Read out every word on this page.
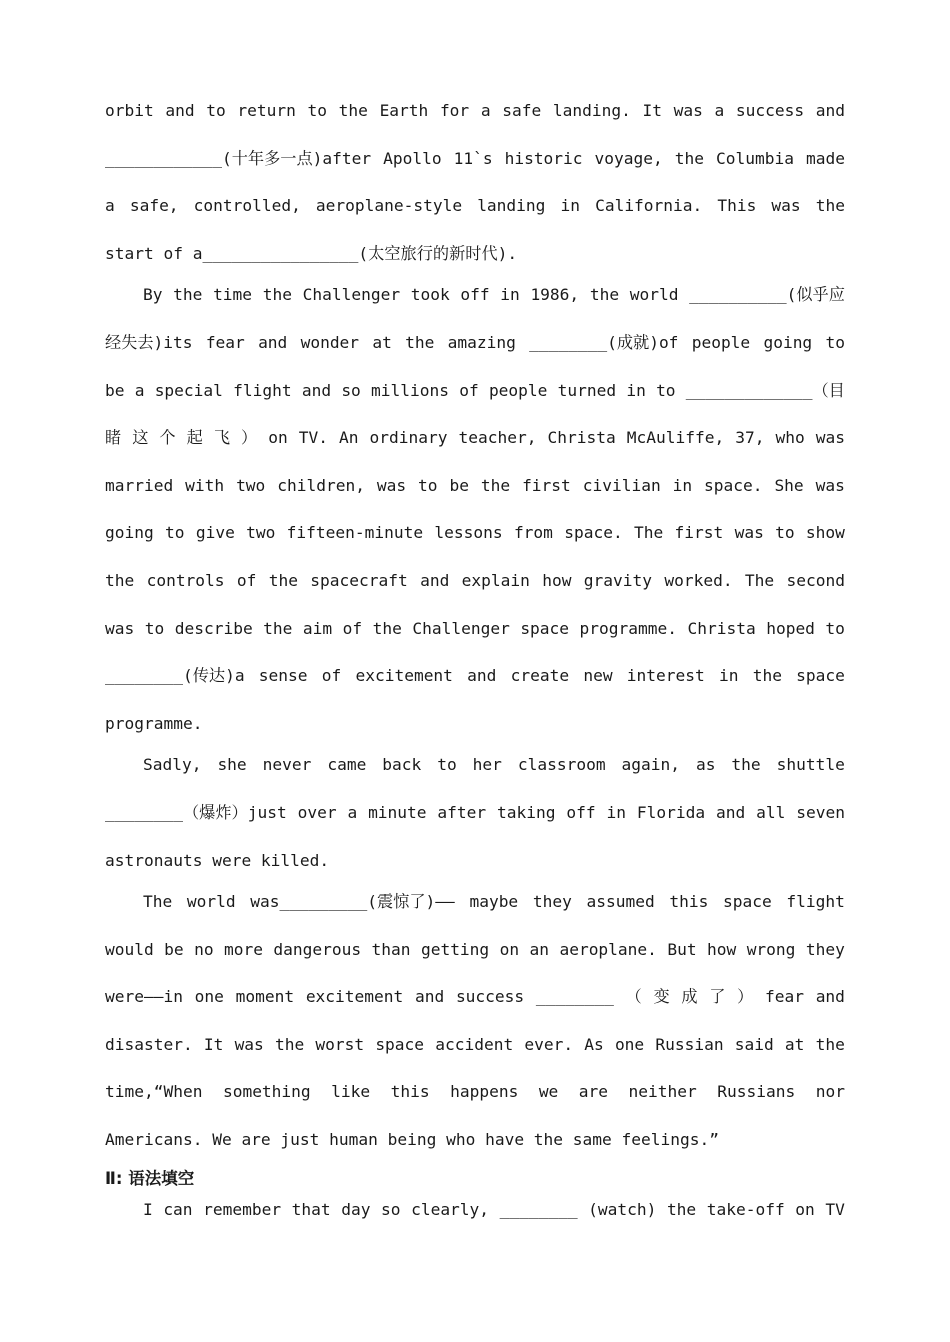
orbit and to return to the Earth for a safe landing. It was a success and
____________(十年多一点)after Apollo 11`s historic voyage, the Columbia made
a safe, controlled, aeroplane-style landing in California. This was the
start of a________________(太空旅行的新时代).
By the time the Challenger took off in 1986, the world __________(似乎应
经失去)its fear and wonder at the amazing ________(成就)of people going to
be a special flight and so millions of people turned in to _____________（目
睹 这 个 起 飞 ） on TV. An ordinary teacher, Christa McAuliffe, 37, who was
married with two children, was to be the first civilian in space. She was
going to give two fifteen-minute lessons from space. The first was to show
the controls of the spacecraft and explain how gravity worked. The second
was to describe the aim of the Challenger space programme. Christa hoped to
________(传达)a sense of excitement and create new interest in the space
programme.
Sadly, she never came back to her classroom again, as the shuttle
________（爆炸）just over a minute after taking off in Florida and all seven
astronauts were killed.
The world was_________(震惊了)—— maybe they assumed this space flight
would be no more dangerous than getting on an aeroplane. But how wrong they
were——in one moment excitement and success ________ （ 变 成 了 ） fear and
disaster. It was the worst space accident ever. As one Russian said at the
time,“When something like this happens we are neither Russians nor
Americans. We are just human being who have the same feelings.”
Ⅱ: 语法填空
I can remember that day so clearly, ________ (watch) the take-off on TV
